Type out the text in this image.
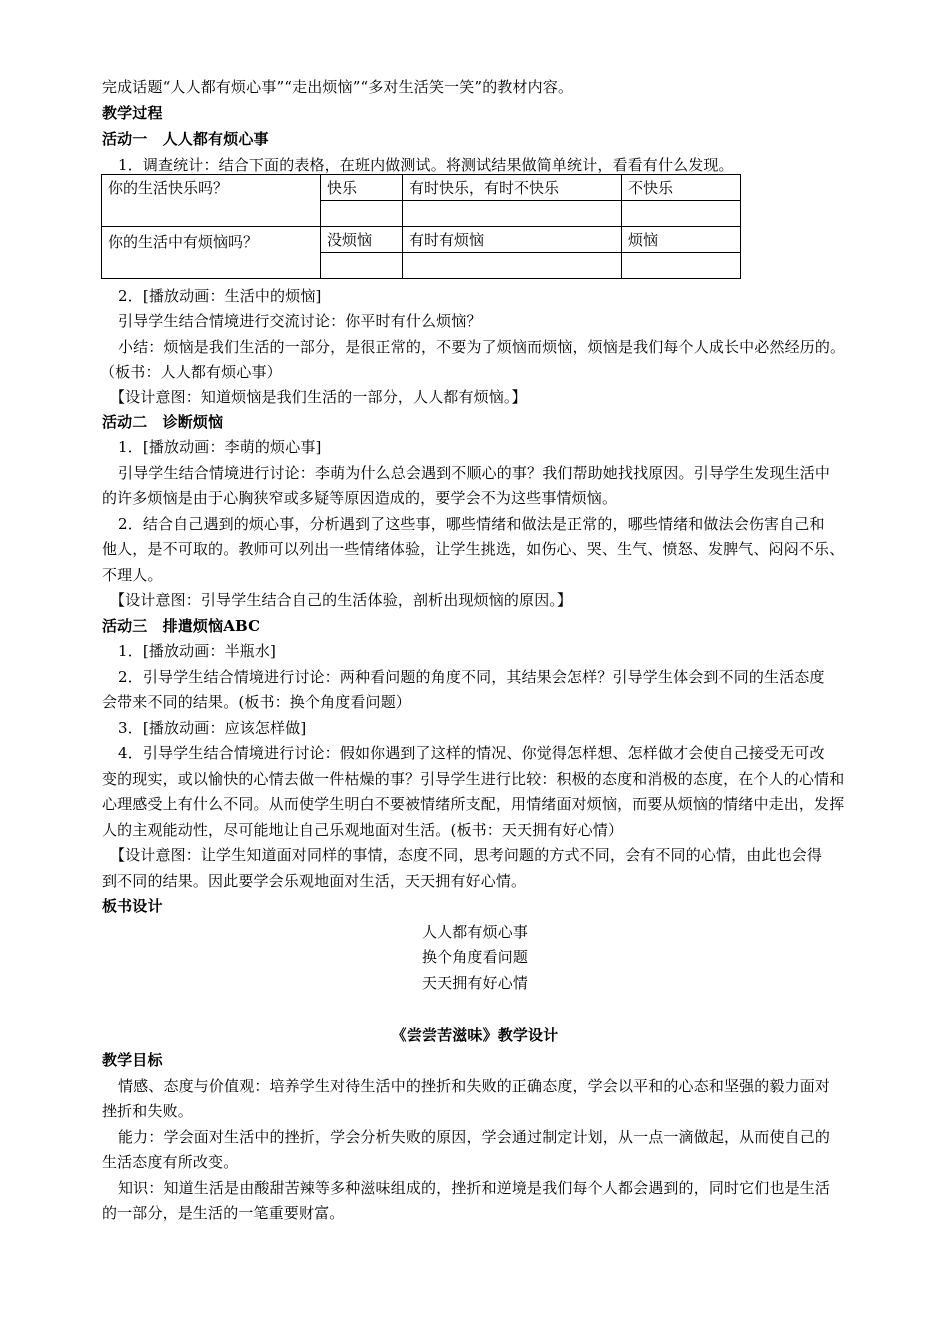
完成话题“人人都有烦心事”“走出烦恼”“多对生活笑一笑”的教材内容。
教学过程
活动一　人人都有烦心事
1．调查统计：结合下面的表格，在班内做测试。将测试结果做简单统计，看看有什么发现。
你的生活快乐吗？	快乐	有时快乐，有时不快乐	不快乐

你的生活中有烦恼吗？	没烦恼	有时有烦恼	烦恼

2．[播放动画：生活中的烦恼]
引导学生结合情境进行交流讨论：你平时有什么烦恼？
小结：烦恼是我们生活的一部分，是很正常的，不要为了烦恼而烦恼，烦恼是我们每个人成长中必然经历的。
（板书：人人都有烦心事）
【设计意图：知道烦恼是我们生活的一部分，人人都有烦恼。】
活动二　诊断烦恼
1．[播放动画：李萌的烦心事]
引导学生结合情境进行讨论：李萌为什么总会遇到不顺心的事？我们帮助她找找原因。引导学生发现生活中
的许多烦恼是由于心胸狭窄或多疑等原因造成的，要学会不为这些事情烦恼。
2．结合自己遇到的烦心事，分析遇到了这些事，哪些情绪和做法是正常的，哪些情绪和做法会伤害自己和
他人，是不可取的。教师可以列出一些情绪体验，让学生挑选，如伤心、哭、生气、愤怒、发脾气、闷闷不乐、
不理人。
【设计意图：引导学生结合自己的生活体验，剖析出现烦恼的原因。】
活动三　排遣烦恼ABC
1．[播放动画：半瓶水]
2．引导学生结合情境进行讨论：两种看问题的角度不同，其结果会怎样？引导学生体会到不同的生活态度
会带来不同的结果。(板书：换个角度看问题）
3．[播放动画：应该怎样做]
4．引导学生结合情境进行讨论：假如你遇到了这样的情况、你觉得怎样想、怎样做才会使自己接受无可改
变的现实，或以愉快的心情去做一件枯燥的事？引导学生进行比较：积极的态度和消极的态度，在个人的心情和
心理感受上有什么不同。从而使学生明白不要被情绪所支配，用情绪面对烦恼，而要从烦恼的情绪中走出，发挥
人的主观能动性，尽可能地让自己乐观地面对生活。(板书：天天拥有好心情）
【设计意图：让学生知道面对同样的事情，态度不同，思考问题的方式不同，会有不同的心情，由此也会得
到不同的结果。因此要学会乐观地面对生活，天天拥有好心情。
板书设计
人人都有烦心事
换个角度看问题
天天拥有好心情
《尝尝苦滋味》教学设计
教学目标
情感、态度与价值观：培养学生对待生活中的挫折和失败的正确态度，学会以平和的心态和坚强的毅力面对
挫折和失败。
能力：学会面对生活中的挫折，学会分析失败的原因，学会通过制定计划，从一点一滴做起，从而使自己的
生活态度有所改变。
知识：知道生活是由酸甜苦辣等多种滋味组成的，挫折和逆境是我们每个人都会遇到的，同时它们也是生活
的一部分，是生活的一笔重要财富。
